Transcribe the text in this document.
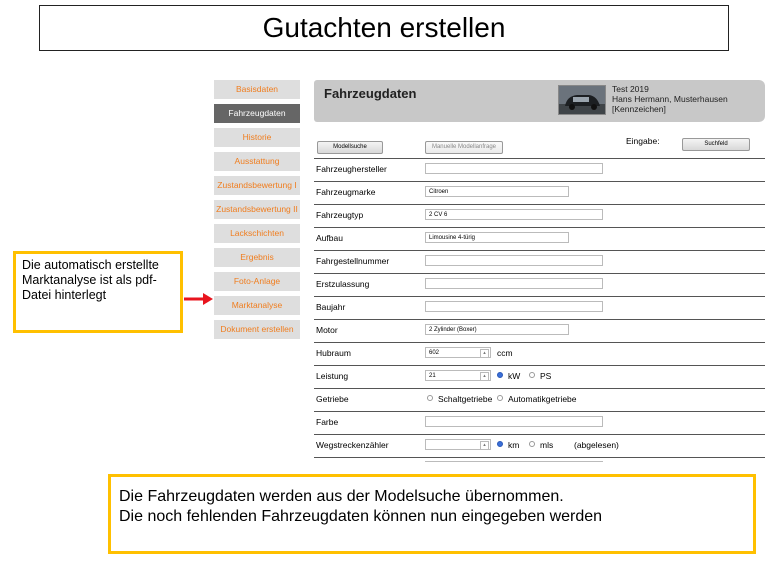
Gutachten erstellen
Basisdaten
Fahrzeugdaten
Historie
Ausstattung
Zustandsbewertung I
Zustandsbewertung II
Lackschichten
Ergebnis
Foto-Anlage
Marktanalyse
Dokument erstellen
Die automatisch erstellte Marktanalyse ist als pdf-Datei hinterlegt
Fahrzeugdaten	Test 2019
Hans Hermann, Musterhausen
[Kennzeichen]
Modellsuche	Manuelle Modellanfrage
Eingabe:	Suchfeld
Fahrzeughersteller
Fahrzeugmarke	Citroen
Fahrzeugtyp	2 CV 6
Aufbau	Limousine 4-türig
Fahrgestellnummer
Erstzulassung
Baujahr
Motor	2 Zylinder (Boxer)
Hubraum	602	▴	ccm
Leistung	21	▴	kW PS
Getriebe	Schaltgetriebe Automatikgetriebe
Farbe
Wegstreckenzähler	▴	km mls (abgelesen)
Die Fahrzeugdaten werden aus der Modelsuche übernommen.
Die noch fehlenden Fahrzeugdaten können nun eingegeben werden
